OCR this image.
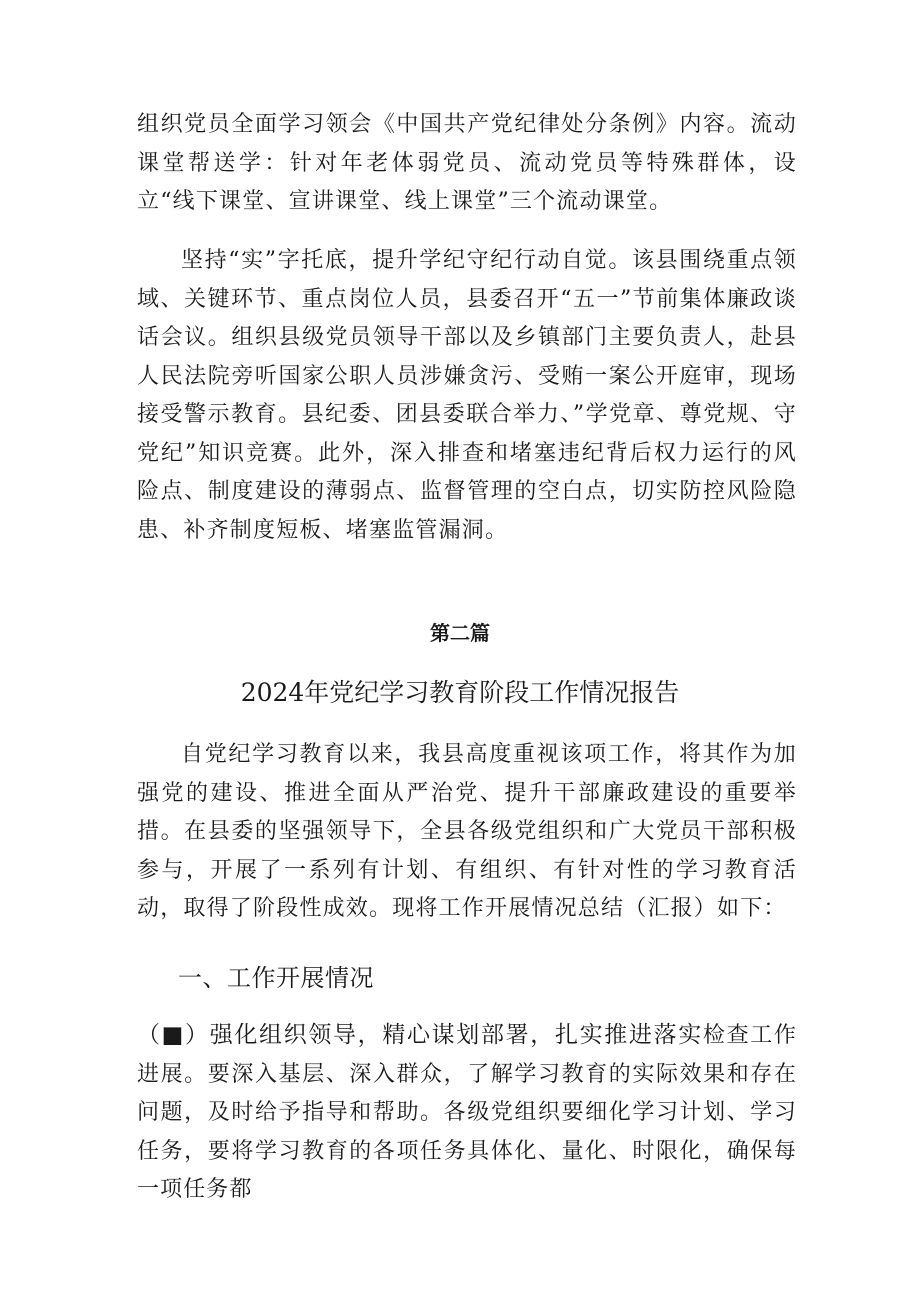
组织党员全面学习领会《中国共产党纪律处分条例》内容。流动课堂帮送学：针对年老体弱党员、流动党员等特殊群体，设立“线下课堂、宣讲课堂、线上课堂”三个流动课堂。

坚持“实”字托底，提升学纪守纪行动自觉。该县围绕重点领域、关键环节、重点岗位人员，县委召开“五一”节前集体廉政谈话会议。组织县级党员领导干部以及乡镇部门主要负责人，赴县人民法院旁听国家公职人员涉嫌贪污、受贿一案公开庭审，现场接受警示教育。县纪委、团县委联合举力、”学党章、尊党规、守党纪”知识竞赛。此外，深入排查和堵塞违纪背后权力运行的风险点、制度建设的薄弱点、监督管理的空白点，切实防控风险隐患、补齐制度短板、堵塞监管漏洞。

第二篇

2024年党纪学习教育阶段工作情况报告

自党纪学习教育以来，我县高度重视该项工作，将其作为加强党的建设、推进全面从严治党、提升干部廉政建设的重要举措。在县委的坚强领导下，全县各级党组织和广大党员干部积极参与，开展了一系列有计划、有组织、有针对性的学习教育活动，取得了阶段性成效。现将工作开展情况总结（汇报）如下：

一、工作开展情况

（■）强化组织领导，精心谋划部署，扎实推进落实检查工作进展。要深入基层、深入群众，了解学习教育的实际效果和存在问题，及时给予指导和帮助。各级党组织要细化学习计划、学习任务，要将学习教育的各项任务具体化、量化、时限化，确保每一项任务都
